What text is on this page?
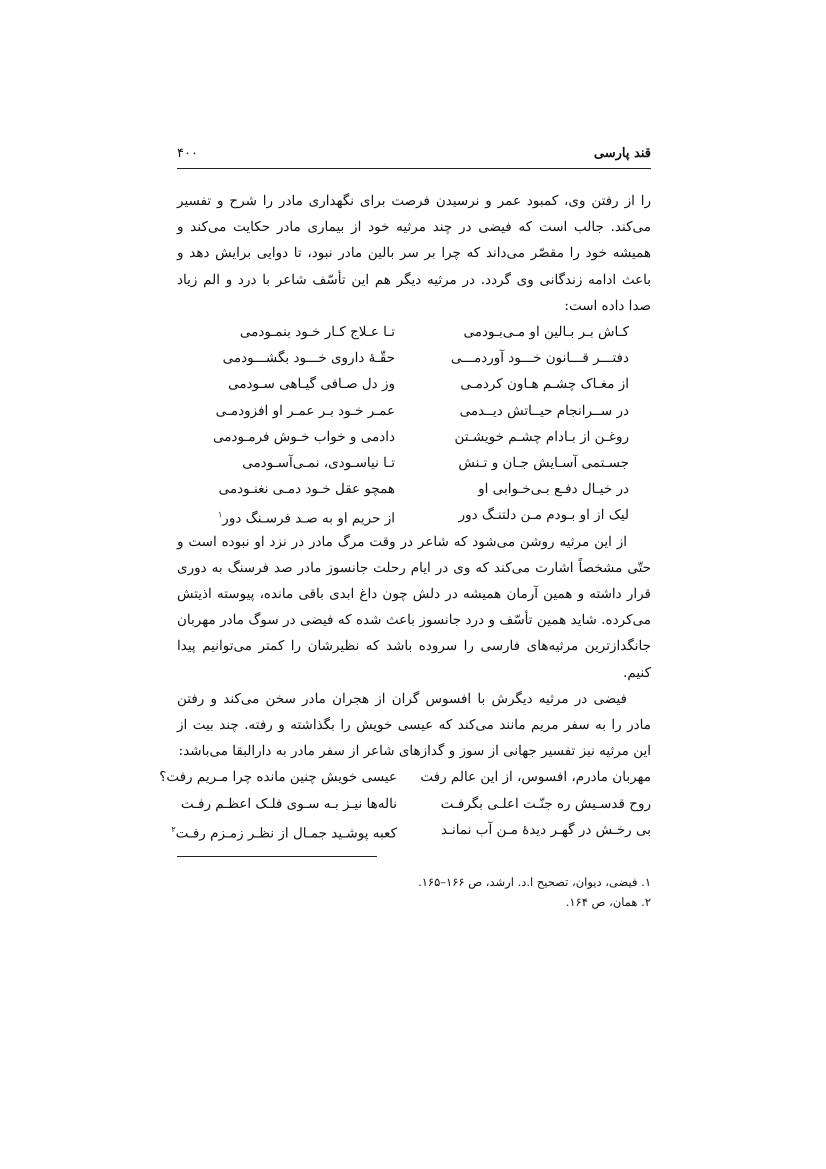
قند پارسی
۴۰۰

را از رفتن وی، کمبود عمر و نرسیدن فرصت برای نگهداری مادر را شرح و تفسیر می‌کند. جالب است که فیضی در چند مرثیه خود از بیماری مادر حکایت می‌کند و همیشه خود را مقصّر می‌داند که چرا بر سر بالین مادر نبود، تا دوایی برایش دهد و باعث ادامه زندگانی وی گردد. در مرثیه دیگر هم این تأسّف شاعر با درد و الم زیاد صدا داده است:

کـاش بـر بـالین او مـی‌بـودمی
تـا عـلاج کـار خـود بنمـودمی
دفتـــر قـــانون خـــود آوردمـــی
حقّـهٔ داروی خـــود بگشـــودمی
از مغـاک چشـم هـاون کردمـی
وز دل صـافی گیـاهی سـودمی
در ســرانجام حیــاتش دیــدمی
عمـر خـود بـر عمـر او افزودمـی
روغـن از بـادام چشـم خویشـتن
دادمی و خواب خـوش فرمـودمی
جسـتمی آسـایش جـان و تـنش
تـا نیاسـودی، نمـی‌آسـودمی
در خیـال دفـع بـی‌خـوابی او
همچو عقل خـود دمـی نغنـودمی
لیک از او بـودم مـن دلتنـگ دور
از حریم او به صـد فرسـنگ دور$^۱$

از این مرثیه روشن می‌شود که شاعر در وقت مرگ مادر در نزد او نبوده است و حتّی مشخصاً اشارت می‌کند که وی در ایام رحلت جانسوز مادر صد فرسنگ به دوری قرار داشته و همین آرمان همیشه در دلش چون داغ ابدی باقی مانده، پیوسته اذیتش می‌کرده. شاید همین تأسّف و درد جانسوز باعث شده که فیضی در سوگ مادر مهربان جانگدازترین مرثیه‌های فارسی را سروده باشد که نظیرشان را کمتر می‌توانیم پیدا کنیم.

فیضی در مرثیه دیگرش با افسوس گران از هجران مادر سخن می‌کند و رفتن مادر را به سفر مریم مانند می‌کند که عیسی خویش را بگذاشته و رفته. چند بیت از این مرثیه نیز تفسیر جهانی از سوز و گدازهای شاعر از سفر مادر به دارالبقا می‌باشد:

مهربان مادرم، افسوس، از این عالم رفت
عیسی خویش چنین مانده چرا مـریم رفت؟
روح قدسـیش ره جنّـت اعلـی بگرفـت
ناله‌ها نیـز بـه سـوی فلـک اعظـم رفـت
بی رخـش در گهـر دیدهٔ مـن آب نمانـد
کعبه پوشـید جمـال از نظـر زمـزم رفـت$^۲$
۱. فیضی، دیوان، تصحیح ا.د. ارشد، ص ۱۶۶–۱۶۵.
۲. همان، ص ۱۶۴.
